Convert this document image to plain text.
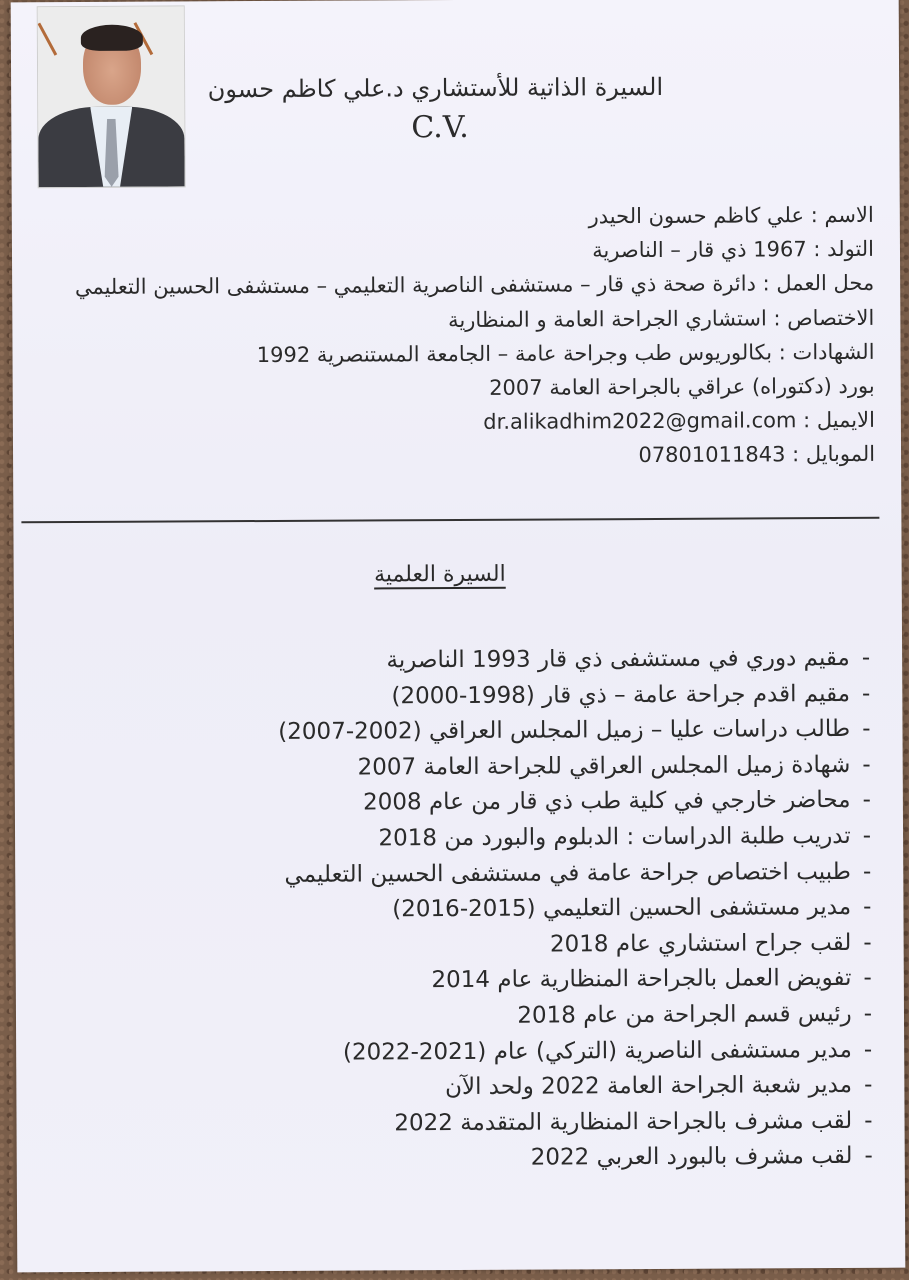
السيرة الذاتية للأستشاري د.علي كاظم حسون
C.V.
الاسم : علي كاظم حسون الحيدر
التولد : 1967 ذي قار – الناصرية
محل العمل : دائرة صحة ذي قار – مستشفى الناصرية التعليمي – مستشفى الحسين التعليمي
الاختصاص : استشاري الجراحة العامة و المنظارية
الشهادات : بكالوريوس طب وجراحة عامة – الجامعة المستنصرية 1992
بورد (دكتوراه) عراقي بالجراحة العامة 2007
الايميل : dr.alikadhim2022@gmail.com
الموبايل : 07801011843
السيرة العلمية
-مقيم دوري في مستشفى ذي قار 1993 الناصرية
-مقيم اقدم جراحة عامة – ذي قار (1998-2000)
-طالب دراسات عليا – زميل المجلس العراقي (2002-2007)
-شهادة زميل المجلس العراقي للجراحة العامة 2007
-محاضر خارجي في كلية طب ذي قار من عام 2008
-تدريب طلبة الدراسات : الدبلوم والبورد من 2018
-طبيب اختصاص جراحة عامة في مستشفى الحسين التعليمي
-مدير مستشفى الحسين التعليمي (2015-2016)
-لقب جراح استشاري عام 2018
-تفويض العمل بالجراحة المنظارية عام 2014
-رئيس قسم الجراحة من عام 2018
-مدير مستشفى الناصرية (التركي) عام (2021-2022)
-مدير شعبة الجراحة العامة 2022 ولحد الآن
-لقب مشرف بالجراحة المنظارية المتقدمة 2022
-لقب مشرف بالبورد العربي 2022
